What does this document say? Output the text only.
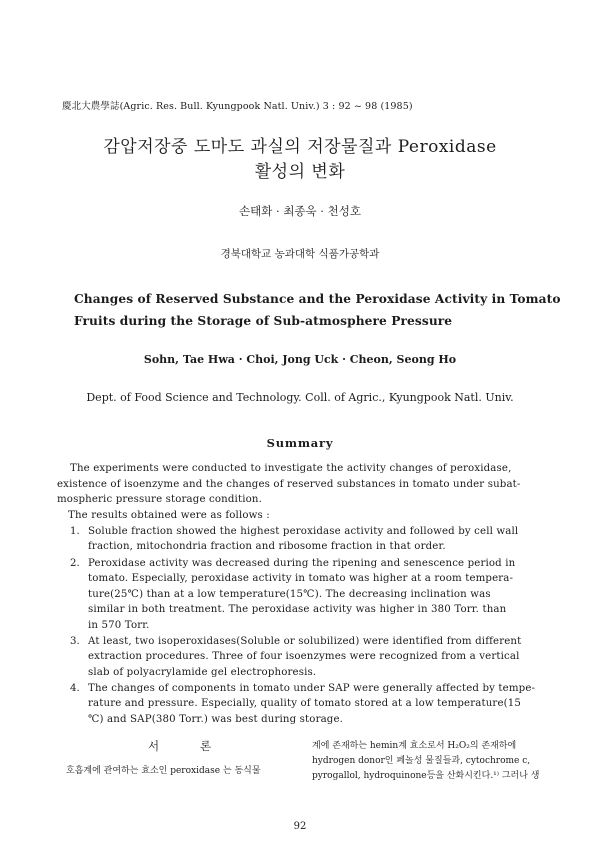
慶北大農學誌(Agric. Res. Bull. Kyungpook Natl. Univ.) 3 : 92 ~ 98 (1985)
감압저장중 도마도 과실의 저장물질과 Peroxidase
활성의 변화
손태화 · 최종욱 · 천성호
경북대학교 농과대학 식품가공학과
Changes of Reserved Substance and the Peroxidase Activity in Tomato
Fruits during the Storage of Sub-atmosphere Pressure
Sohn, Tae Hwa · Choi, Jong Uck · Cheon, Seong Ho
Dept. of Food Science and Technology. Coll. of Agric., Kyungpook Natl. Univ.
Summary
The experiments were conducted to investigate the activity changes of peroxidase,
existence of isoenzyme and the changes of reserved substances in tomato under subat-
mospheric pressure storage condition.
The results obtained were as follows :
1. Soluble fraction showed the highest peroxidase activity and followed by cell wall
fraction, mitochondria fraction and ribosome fraction in that order.
2. Peroxidase activity was decreased during the ripening and senescence period in
tomato. Especially, peroxidase activity in tomato was higher at a room tempera-
ture(25℃) than at a low temperature(15℃). The decreasing inclination was
similar in both treatment. The peroxidase activity was higher in 380 Torr. than
in 570 Torr.
3. At least, two isoperoxidases(Soluble or solubilized) were identified from different
extraction procedures. Three of four isoenzymes were recognized from a vertical
slab of polyacrylamide gel electrophoresis.
4. The changes of components in tomato under SAP were generally affected by tempe-
rature and pressure. Especially, quality of tomato stored at a low temperature(15
℃) and SAP(380 Torr.) was best during storage.
서	론
호흡계에 관여하는 효소인 peroxidase 는 동식물
계에 존재하는 hemin계 효소로서 H₂O₂의 존재하에
hydrogen donor인 페놀성 물질들과, cytochrome c,
pyrogallol, hydroquinone등을 산화시킨다.¹⁾ 그러나 생
92
